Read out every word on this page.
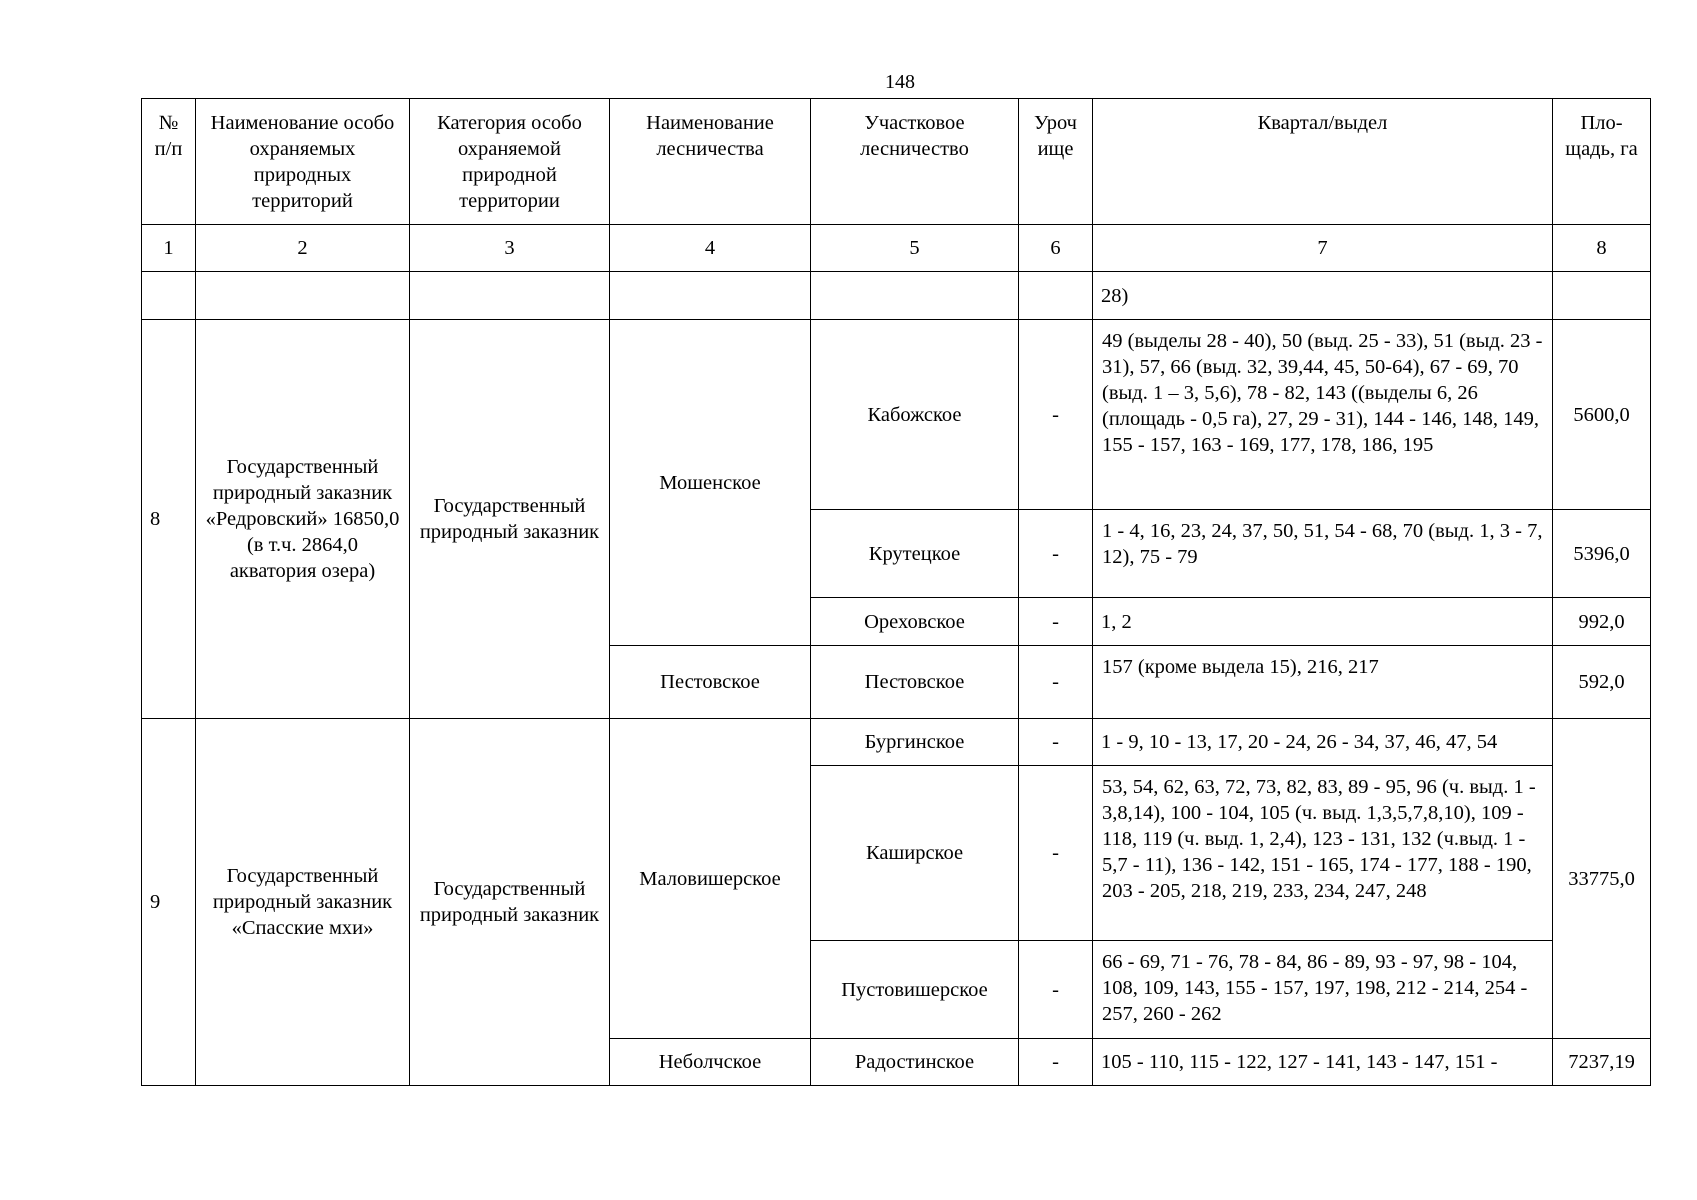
148
№ п/п	Наименование особо охраняемых природных территорий	Категория особо охраняемой природной территории	Наименование лесничества	Участковое лесничество	Уроч ище	Квартал/выдел	Пло-щадь, га
1	2	3	4	5	6	7	8
						28)	
8	Государственный природный заказник «Редровский» 16850,0 (в т.ч. 2864,0 акватория озера)	Государственный природный заказник	Мошенское	Кабожское	-	49 (выделы 28 - 40), 50 (выд. 25 - 33), 51 (выд. 23 - 31), 57, 66 (выд. 32, 39,44, 45, 50-64), 67 - 69, 70 (выд. 1 – 3, 5,6), 78 - 82, 143 ((выделы 6, 26 (площадь - 0,5 га), 27, 29 - 31), 144 - 146, 148, 149, 155 - 157, 163 - 169, 177, 178, 186, 195	5600,0
				Крутецкое	-	1 - 4, 16, 23, 24, 37, 50, 51, 54 - 68, 70 (выд. 1, 3 - 7, 12), 75 - 79	5396,0
				Ореховское	-	1, 2	992,0
			Пестовское	Пестовское	-	157 (кроме выдела 15), 216, 217	592,0
9	Государственный природный заказник «Спасские мхи»	Государственный природный заказник	Маловишерское	Бургинское	-	1 - 9, 10 - 13, 17, 20 - 24, 26 - 34, 37, 46, 47, 54	33775,0
				Каширское	-	53, 54, 62, 63, 72, 73, 82, 83, 89 - 95, 96 (ч. выд. 1 - 3,8,14), 100 - 104, 105 (ч. выд. 1,3,5,7,8,10), 109 - 118, 119 (ч. выд. 1, 2,4), 123 - 131, 132 (ч.выд. 1 - 5,7 - 11), 136 - 142, 151 - 165, 174 - 177, 188 - 190, 203 - 205, 218, 219, 233, 234, 247, 248	
				Пустовишерское	-	66 - 69, 71 - 76, 78 - 84, 86 - 89, 93 - 97, 98 - 104, 108, 109, 143, 155 - 157, 197, 198, 212 - 214, 254 - 257, 260 - 262	
			Неболчское	Радостинское	-	105 - 110, 115 - 122, 127 - 141, 143 - 147, 151 -	7237,19
